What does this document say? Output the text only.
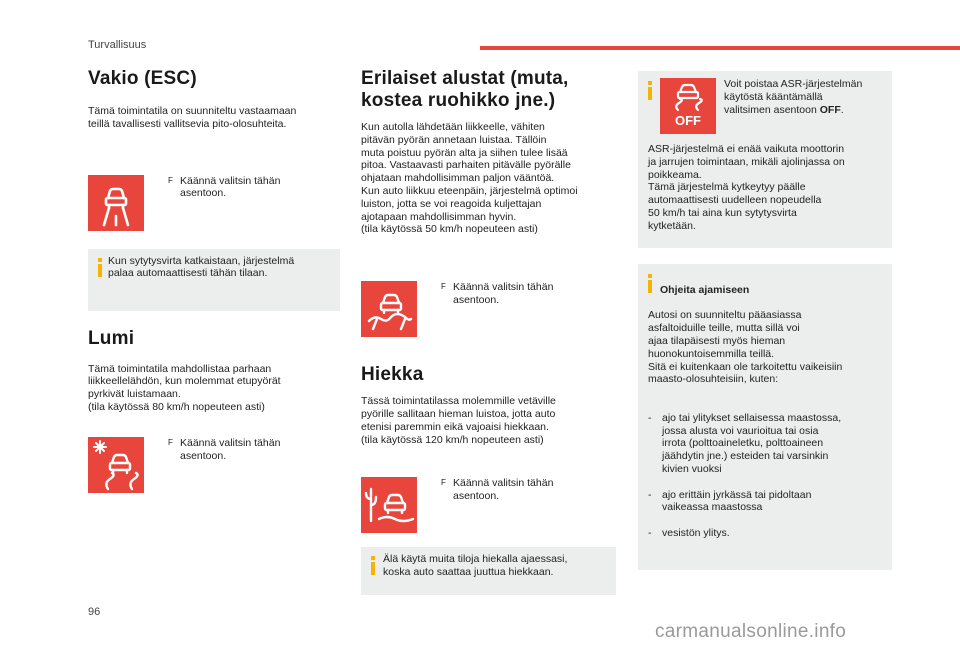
Turvallisuus
Vakio (ESC)
Tämä toimintatila on suunniteltu vastaamaan
teillä tavallisesti vallitsevia pito-olosuhteita.
F Käännä valitsin tähän
asentoon.
Kun sytytysvirta katkaistaan, järjestelmä
palaa automaattisesti tähän tilaan.
Lumi
Tämä toimintatila mahdollistaa parhaan
liikkeellelähdön, kun molemmat etupyörät
pyrkivät luistamaan.
(tila käytössä 80 km/h nopeuteen asti)
F Käännä valitsin tähän
asentoon.
Erilaiset alustat (muta,
kostea ruohikko jne.)
Kun autolla lähdetään liikkeelle, vähiten
pitävän pyörän annetaan luistaa. Tällöin
muta poistuu pyörän alta ja siihen tulee lisää
pitoa. Vastaavasti parhaiten pitävälle pyörälle
ohjataan mahdollisimman paljon vääntöä.
Kun auto liikkuu eteenpäin, järjestelmä optimoi
luiston, jotta se voi reagoida kuljettajan
ajotapaan mahdollisimman hyvin.
(tila käytössä 50 km/h nopeuteen asti)
F Käännä valitsin tähän
asentoon.
Hiekka
Tässä toimintatilassa molemmille vetäville
pyörille sallitaan hieman luistoa, jotta auto
etenisi paremmin eikä vajoaisi hiekkaan.
(tila käytössä 120 km/h nopeuteen asti)
F Käännä valitsin tähän
asentoon.
Älä käytä muita tiloja hiekalla ajaessasi,
koska auto saattaa juuttua hiekkaan.
OFF
Voit poistaa ASR-järjestelmän
käytöstä kääntämällä
valitsimen asentoon OFF.
ASR-järjestelmä ei enää vaikuta moottorin
ja jarrujen toimintaan, mikäli ajolinjassa on
poikkeama.
Tämä järjestelmä kytkeytyy päälle
automaattisesti uudelleen nopeudella
50 km/h tai aina kun sytytysvirta
kytketään.

Ohjeita ajamiseen

Autosi on suunniteltu pääasiassa
asfaltoiduille teille, mutta sillä voi
ajaa tilapäisesti myös hieman
huonokuntoisemmilla teillä.
Sitä ei kuitenkaan ole tarkoitettu vaikeisiin
maasto-olosuhteisiin, kuten:

- ajo tai ylitykset sellaisessa maastossa,
jossa alusta voi vaurioitua tai osia
irrota (polttoaineletku, polttoaineen
jäähdytin jne.) esteiden tai varsinkin
kivien vuoksi

- ajo erittäin jyrkässä tai pidoltaan
vaikeassa maastossa

- vesistön ylitys.

96
carmanualsonline.info
